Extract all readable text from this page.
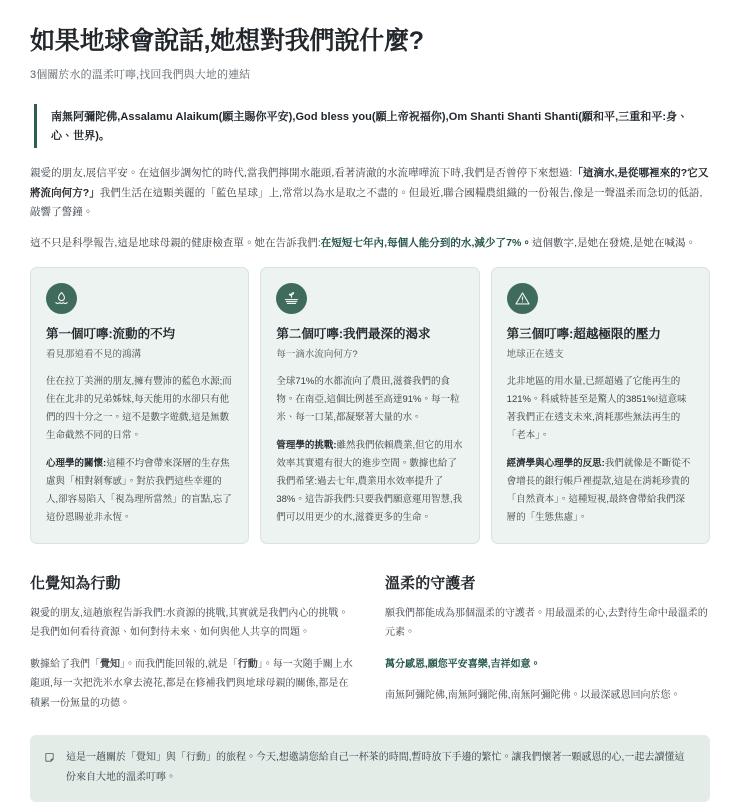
如果地球會說話,她想對我們說什麼?
3個關於水的溫柔叮嚀,找回我們與大地的連結
南無阿彌陀佛,Assalamu Alaikum(願主賜你平安),God bless you(願上帝祝福你),Om Shanti Shanti Shanti(願和平,三重和平:身、心、世界)。

親愛的朋友,展信平安。在這個步調匆忙的時代,當我們擰開水龍頭,看著清澈的水流嘩嘩流下時,我們是否曾停下來想過:「這滴水,是從哪裡來的?它又將流向何方?」我們生活在這顆美麗的「藍色星球」上,常常以為水是取之不盡的。但最近,聯合國糧農組織的一份報告,像是一聲溫柔而急切的低語,敲響了警鐘。

這不只是科學報告,這是地球母親的健康檢查單。她在告訴我們:在短短七年內,每個人能分到的水,減少了7%。這個數字,是她在發燒,是她在喊渴。

第一個叮嚀:流動的不均
看見那道看不見的鴻溝

住在拉丁美洲的朋友,擁有豐沛的藍色水源;而住在北非的兄弟姊妹,每天能用的水卻只有他們的四十分之一。這不是數字遊戲,這是無數生命截然不同的日常。

心理學的關懷:這種不均會帶來深層的生存焦慮與「相對剝奪感」。對於我們這些幸運的人,卻容易陷入「視為理所當然」的盲點,忘了這份恩賜並非永恆。

第二個叮嚀:我們最深的渴求
每一滴水流向何方?

全球71%的水都流向了農田,滋養我們的食物。在南亞,這個比例甚至高達91%。每一粒米、每一口菜,都凝聚著大量的水。

管理學的挑戰:雖然我們依賴農業,但它的用水效率其實還有很大的進步空間。數據也給了我們希望:過去七年,農業用水效率提升了38%。這告訴我們:只要我們願意運用智慧,我們可以用更少的水,滋養更多的生命。

第三個叮嚀:超越極限的壓力
地球正在透支

北非地區的用水量,已經超過了它能再生的121%。科威特甚至是驚人的3851%!這意味著我們正在透支未來,消耗那些無法再生的「老本」。

經濟學與心理學的反思:我們就像是不斷從不會增長的銀行帳戶裡提款,這是在消耗珍貴的「自然資本」。這種短視,最終會帶給我們深層的「生態焦慮」。

化覺知為行動

親愛的朋友,這趟旅程告訴我們:水資源的挑戰,其實就是我們內心的挑戰。是我們如何看待資源、如何對待未來、如何與他人共享的問題。

數據給了我們「覺知」。而我們能回報的,就是「行動」。每一次隨手關上水龍頭,每一次把洗米水拿去澆花,都是在修補我們與地球母親的關係,都是在積累一份無量的功德。

溫柔的守護者

願我們都能成為那個溫柔的守護者。用最溫柔的心,去對待生命中最溫柔的元素。

萬分感恩,願您平安喜樂,吉祥如意。

南無阿彌陀佛,南無阿彌陀佛,南無阿彌陀佛。以最深感恩回向於您。

這是一趟關於「覺知」與「行動」的旅程。今天,想邀請您給自己一杯茶的時間,暫時放下手邊的繁忙。讓我們懷著一顆感恩的心,一起去讀懂這份來自大地的溫柔叮嚀。
